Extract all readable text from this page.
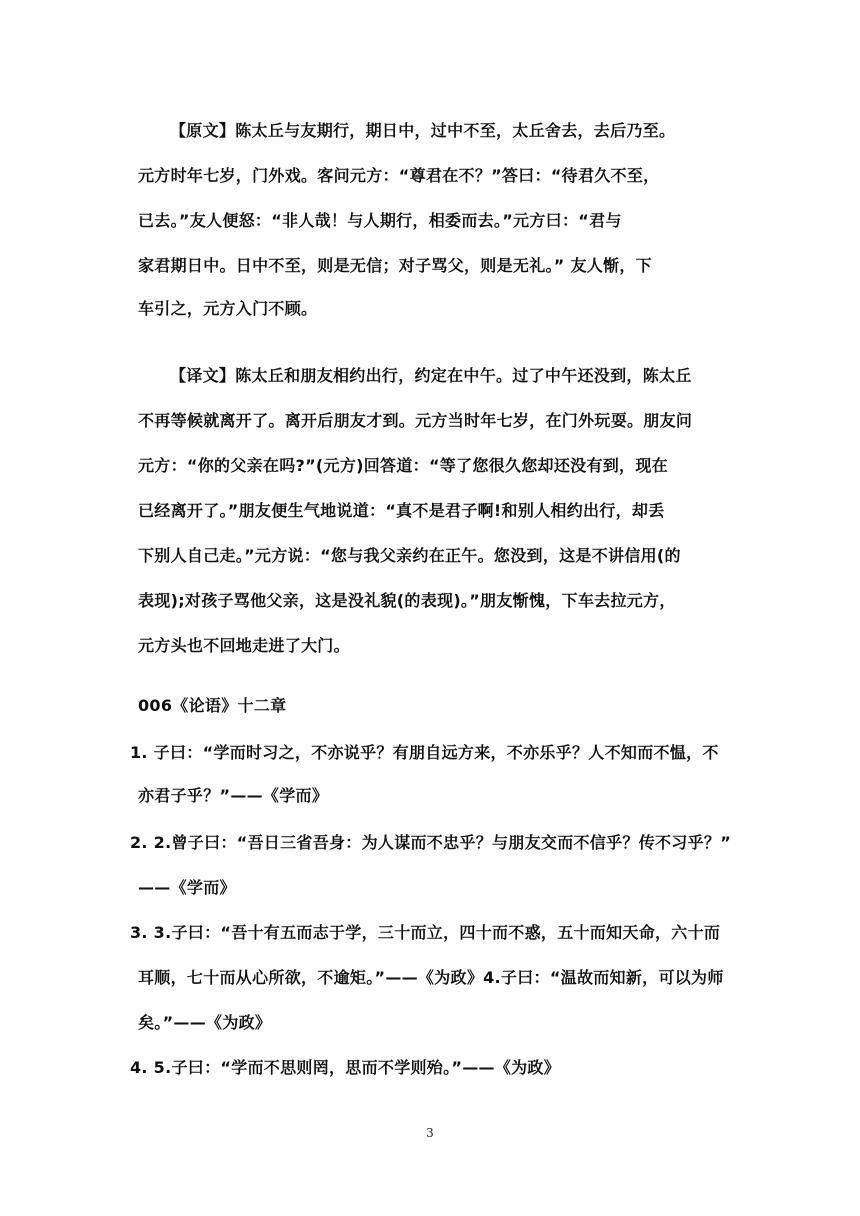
【原文】陈太丘与友期行，期日中，过中不至，太丘舍去，去后乃至。
元方时年七岁，门外戏。客问元方：“尊君在不？”答曰：“待君久不至，
已去。”友人便怒：“非人哉！与人期行，相委而去。”元方曰：“君与
家君期日中。日中不至，则是无信；对子骂父，则是无礼。” 友人惭，下
车引之，元方入门不顾。
【译文】陈太丘和朋友相约出行，约定在中午。过了中午还没到，陈太丘
不再等候就离开了。离开后朋友才到。元方当时年七岁，在门外玩耍。朋友问
元方：“你的父亲在吗?”(元方)回答道：“等了您很久您却还没有到，现在
已经离开了。”朋友便生气地说道：“真不是君子啊!和别人相约出行，却丢
下别人自己走。”元方说：“您与我父亲约在正午。您没到，这是不讲信用(的
表现);对孩子骂他父亲，这是没礼貌(的表现)。”朋友惭愧，下车去拉元方，
元方头也不回地走进了大门。
006《论语》十二章
1. 子曰：“学而时习之，不亦说乎？有朋自远方来，不亦乐乎？人不知而不愠，不
亦君子乎？”——《学而》
2. 2.曾子曰：“吾日三省吾身：为人谋而不忠乎？与朋友交而不信乎？传不习乎？”
——《学而》
3. 3.子曰：“吾十有五而志于学，三十而立，四十而不惑，五十而知天命，六十而
耳顺，七十而从心所欲，不逾矩。”——《为政》4.子曰：“温故而知新，可以为师
矣。”——《为政》
4. 5.子曰：“学而不思则罔，思而不学则殆。”——《为政》
3
